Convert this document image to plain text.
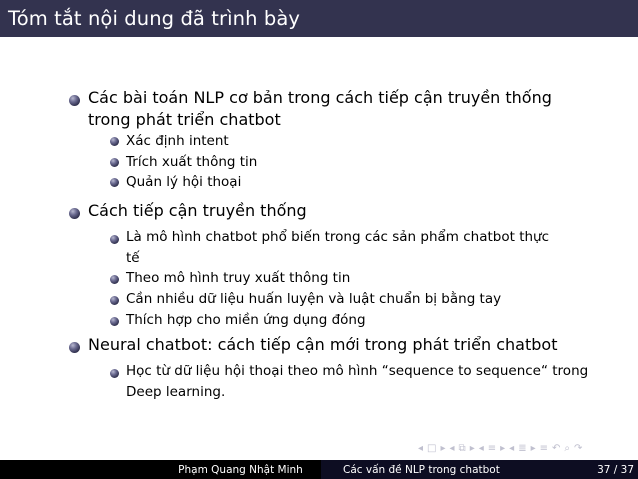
Tóm tắt nội dung đã trình bày
Các bài toán NLP cơ bản trong cách tiếp cận truyền thống trong phát triển chatbot
Xác định intent
Trích xuất thông tin
Quản lý hội thoại
Cách tiếp cận truyền thống
Là mô hình chatbot phổ biến trong các sản phẩm chatbot thực tế
Theo mô hình truy xuất thông tin
Cần nhiều dữ liệu huấn luyện và luật chuẩn bị bằng tay
Thích hợp cho miền ứng dụng đóng
Neural chatbot: cách tiếp cận mới trong phát triển chatbot
Học từ dữ liệu hội thoại theo mô hình “sequence to sequence“ trong Deep learning.
◂ □ ▸ ◂ ⧉ ▸ ◂ ≡ ▸ ◂ ≣ ▸ ≡ ↶ ⌕ ↷
Phạm Quang Nhật Minh	Các vấn đề NLP trong chatbot	37 / 37
